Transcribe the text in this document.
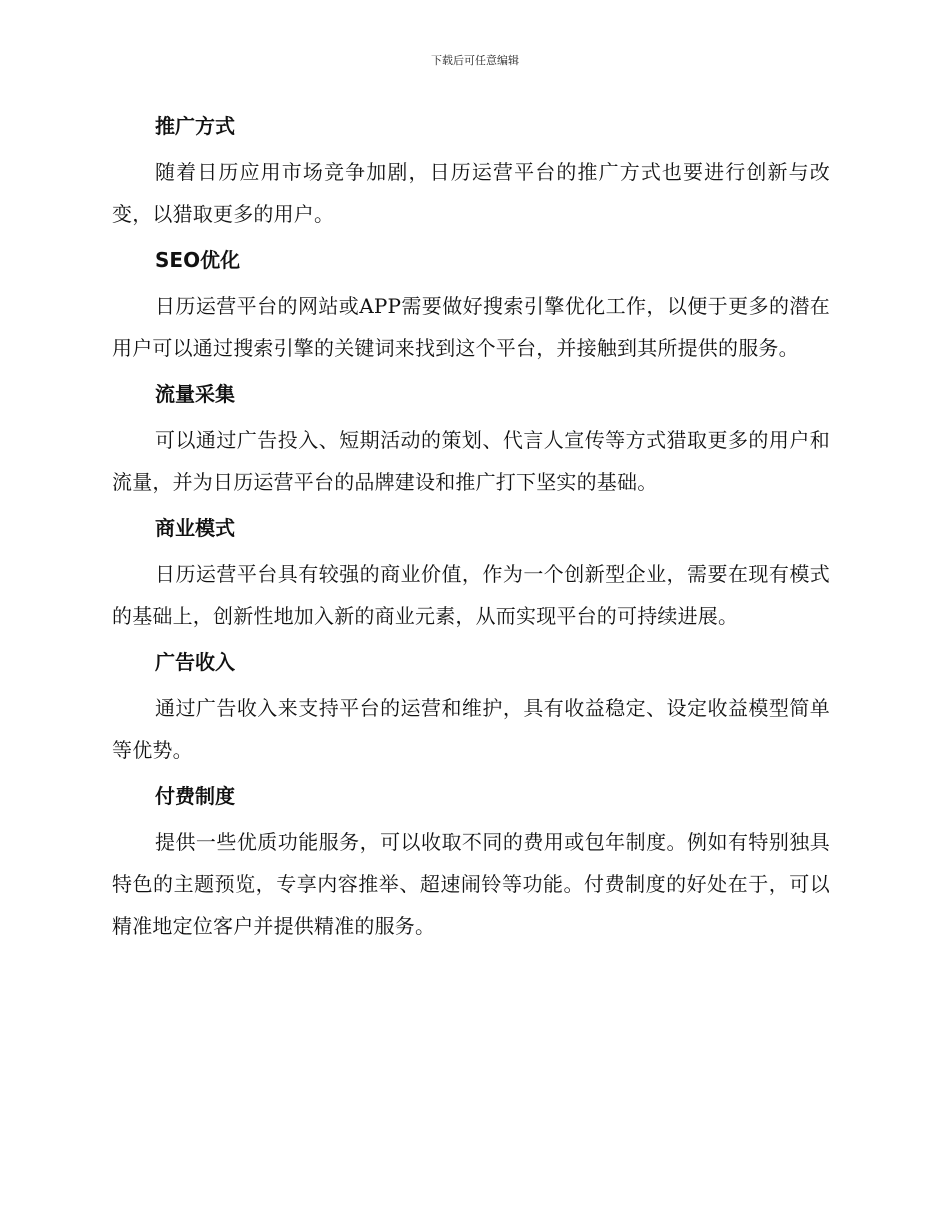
下载后可任意编辑
推广方式

随着日历应用市场竞争加剧，日历运营平台的推广方式也要进行创新与改变，以猎取更多的用户。

SEO优化

日历运营平台的网站或APP需要做好搜索引擎优化工作，以便于更多的潜在用户可以通过搜索引擎的关键词来找到这个平台，并接触到其所提供的服务。

流量采集

可以通过广告投入、短期活动的策划、代言人宣传等方式猎取更多的用户和流量，并为日历运营平台的品牌建设和推广打下坚实的基础。

商业模式

日历运营平台具有较强的商业价值，作为一个创新型企业，需要在现有模式的基础上，创新性地加入新的商业元素，从而实现平台的可持续进展。

广告收入

通过广告收入来支持平台的运营和维护，具有收益稳定、设定收益模型简单等优势。

付费制度

提供一些优质功能服务，可以收取不同的费用或包年制度。例如有特别独具特色的主题预览，专享内容推举、超速闹铃等功能。付费制度的好处在于，可以精准地定位客户并提供精准的服务。
